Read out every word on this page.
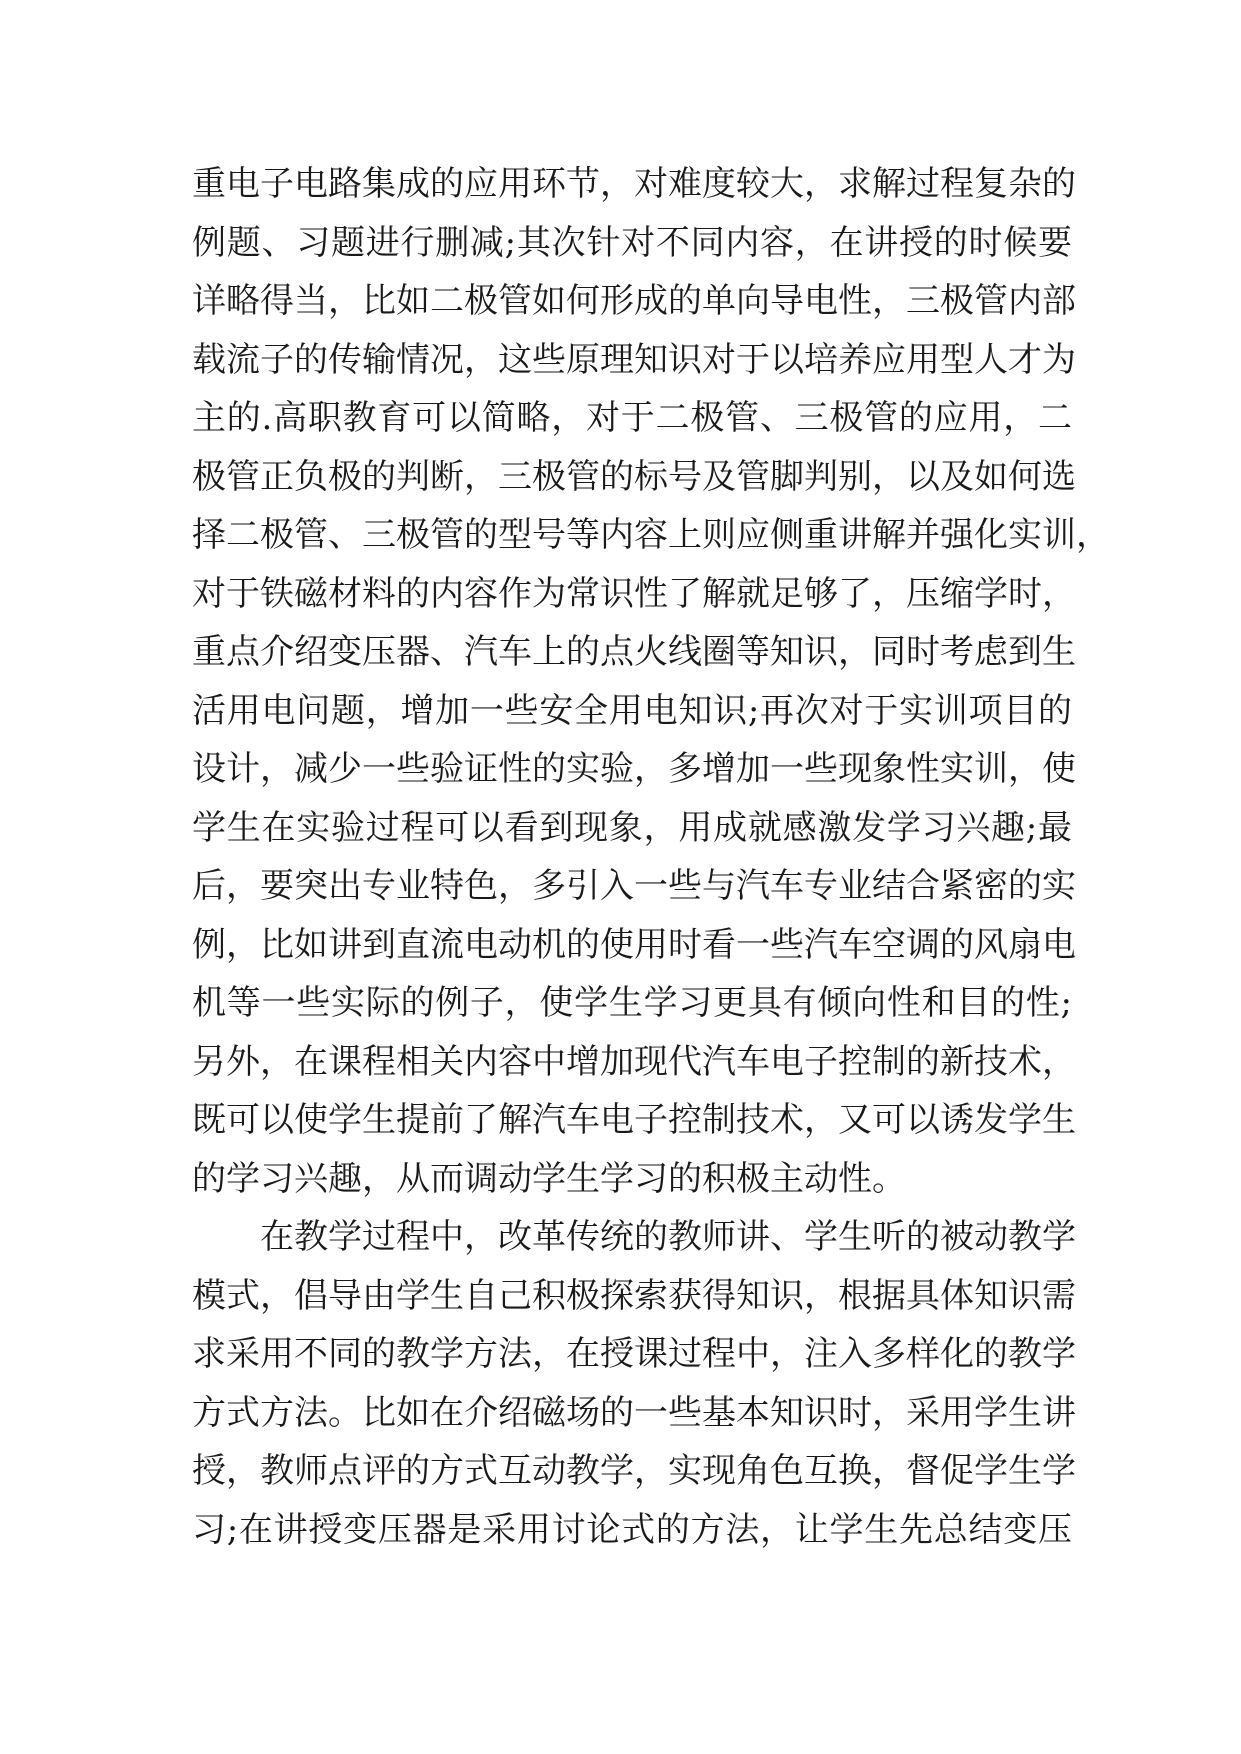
重电子电路集成的应用环节，对难度较大，求解过程复杂的
例题、习题进行删减;其次针对不同内容，在讲授的时候要
详略得当，比如二极管如何形成的单向导电性，三极管内部
载流子的传输情况，这些原理知识对于以培养应用型人才为
主的.高职教育可以简略，对于二极管、三极管的应用，二
极管正负极的判断，三极管的标号及管脚判别，以及如何选
择二极管、三极管的型号等内容上则应侧重讲解并强化实训，
对于铁磁材料的内容作为常识性了解就足够了，压缩学时，
重点介绍变压器、汽车上的点火线圈等知识，同时考虑到生
活用电问题，增加一些安全用电知识;再次对于实训项目的
设计，减少一些验证性的实验，多增加一些现象性实训，使
学生在实验过程可以看到现象，用成就感激发学习兴趣;最
后，要突出专业特色，多引入一些与汽车专业结合紧密的实
例，比如讲到直流电动机的使用时看一些汽车空调的风扇电
机等一些实际的例子，使学生学习更具有倾向性和目的性;
另外，在课程相关内容中增加现代汽车电子控制的新技术，
既可以使学生提前了解汽车电子控制技术，又可以诱发学生
的学习兴趣，从而调动学生学习的积极主动性。
在教学过程中，改革传统的教师讲、学生听的被动教学
模式，倡导由学生自己积极探索获得知识，根据具体知识需
求采用不同的教学方法，在授课过程中，注入多样化的教学
方式方法。比如在介绍磁场的一些基本知识时，采用学生讲
授，教师点评的方式互动教学，实现角色互换，督促学生学
习;在讲授变压器是采用讨论式的方法，让学生先总结变压
